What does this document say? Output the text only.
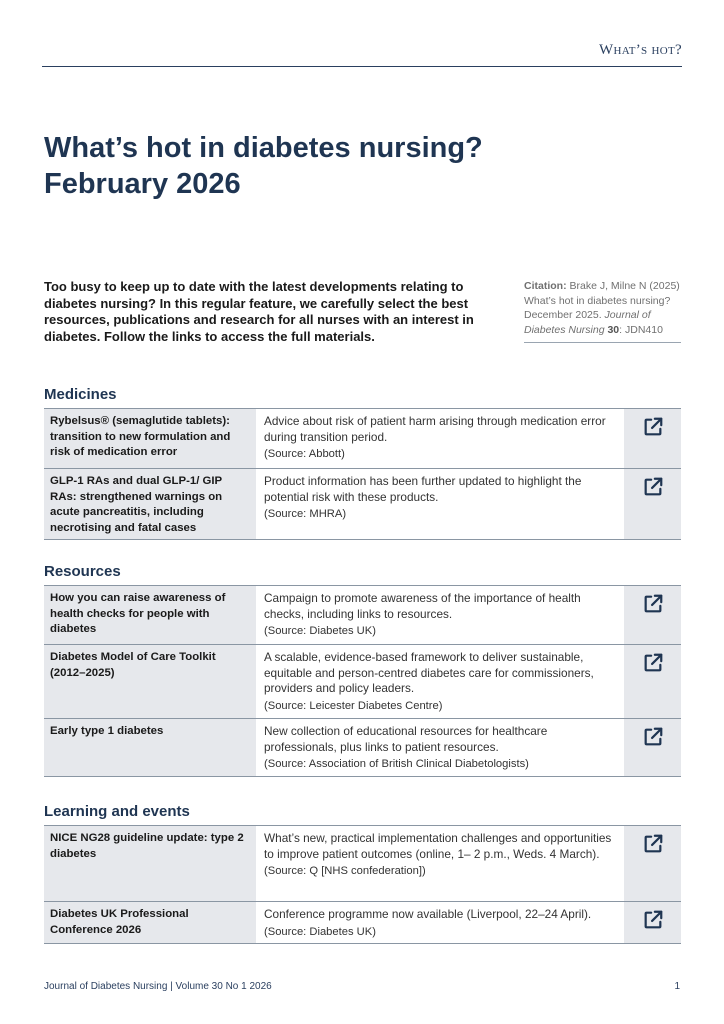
What’s hot?
What’s hot in diabetes nursing?
February 2026
Too busy to keep up to date with the latest developments relating to diabetes nursing? In this regular feature, we carefully select the best resources, publications and research for all nurses with an interest in diabetes. Follow the links to access the full materials.
Citation: Brake J, Milne N (2025) What’s hot in diabetes nursing? December 2025. Journal of Diabetes Nursing 30: JDN410
Medicines
Rybelsus® (semaglutide tablets): transition to new formulation and risk of medication error
Advice about risk of patient harm arising through medication error during transition period.
(Source: Abbott)
GLP-1 RAs and dual GLP-1/ GIP RAs: strengthened warnings on acute pancreatitis, including necrotising and fatal cases
Product information has been further updated to highlight the potential risk with these products.
(Source: MHRA)
Resources
How you can raise awareness of health checks for people with diabetes
Campaign to promote awareness of the importance of health checks, including links to resources.
(Source: Diabetes UK)
Diabetes Model of Care Toolkit (2012–2025)
A scalable, evidence-based framework to deliver sustainable, equitable and person-centred diabetes care for commissioners, providers and policy leaders.
(Source: Leicester Diabetes Centre)
Early type 1 diabetes	New collection of educational resources for healthcare professionals, plus links to patient resources.
(Source: Association of British Clinical Diabetologists)
Learning and events
NICE NG28 guideline update: type 2 diabetes
What’s new, practical implementation challenges and opportunities to improve patient outcomes (online, 1– 2 p.m., Weds. 4 March).
(Source: Q [NHS confederation])
Diabetes UK Professional Conference 2026
Conference programme now available (Liverpool, 22–24 April).
(Source: Diabetes UK)
Journal of Diabetes Nursing | Volume 30 No 1 2026	1
